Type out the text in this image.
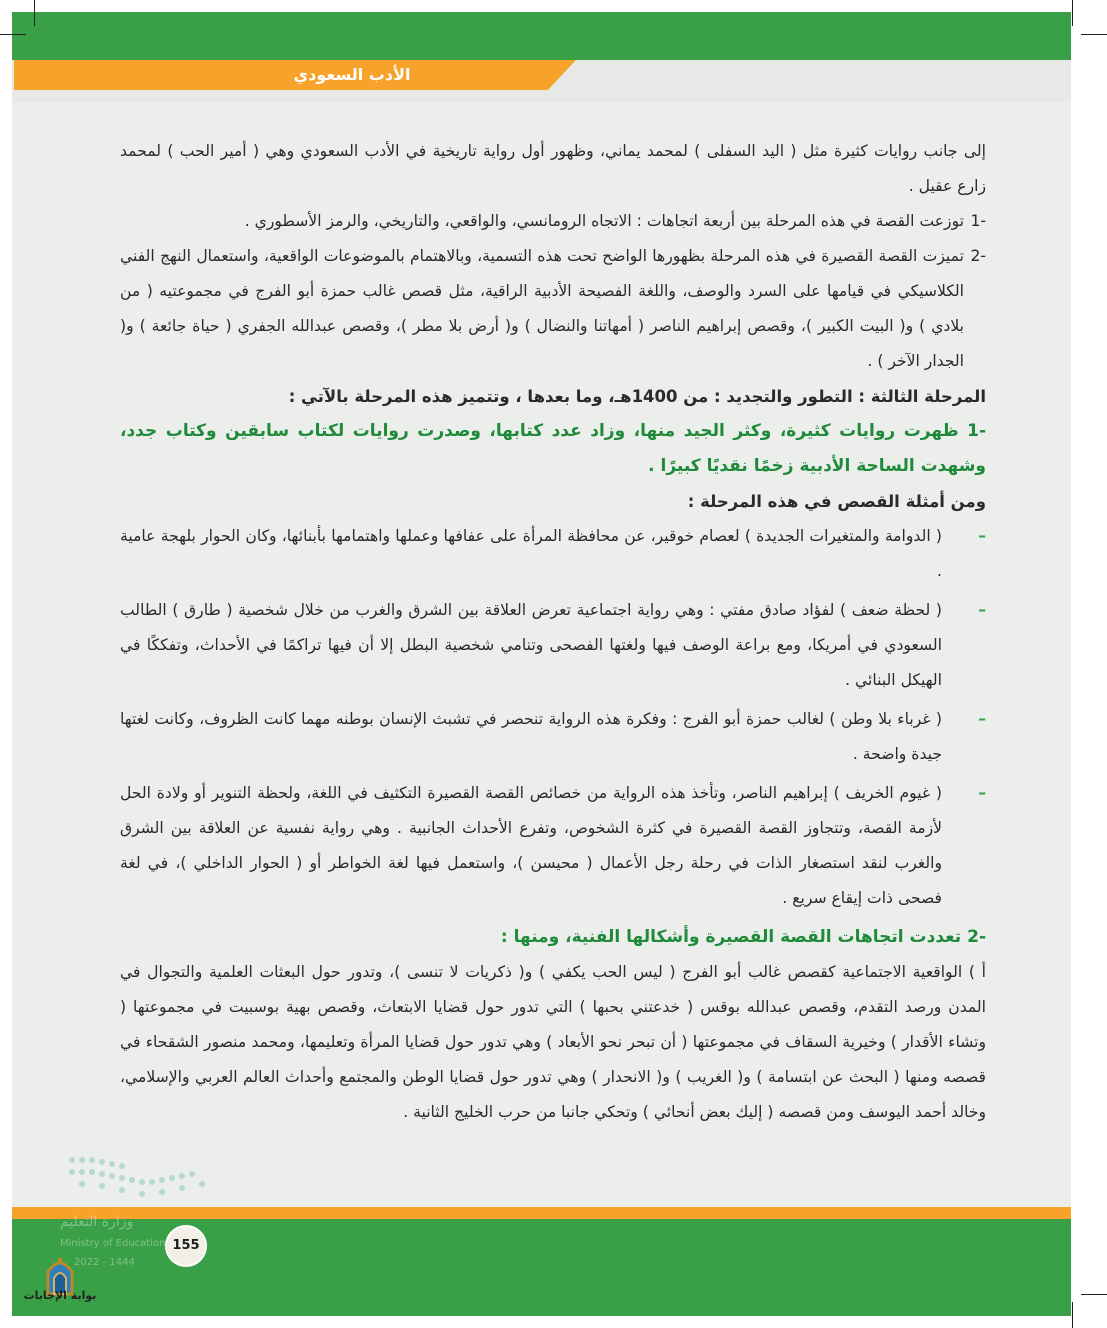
الأدب السعودي

إلى جانب روايات كثيرة مثل ( اليد السفلى ) لمحمد يماني، وظهور أول رواية تاريخية في الأدب السعودي وهي ( أمير الحب ) لمحمد زارع عقيل .

-1
توزعت القصة في هذه المرحلة بين أربعة اتجاهات : الاتجاه الرومانسي، والواقعي، والتاريخي، والرمز الأسطوري .
-2
تميزت القصة القصيرة في هذه المرحلة بظهورها الواضح تحت هذه التسمية، وبالاهتمام بالموضوعات الواقعية، واستعمال النهج الفني الكلاسيكي في قيامها على السرد والوصف، واللغة الفصيحة الأدبية الراقية، مثل قصص غالب حمزة أبو الفرج في مجموعتيه ( من بلادي ) و( البيت الكبير )، وقصص إبراهيم الناصر ( أمهاتنا والنضال ) و( أرض بلا مطر )، وقصص عبدالله الجفري ( حياة جائعة ) و( الجدار الآخر ) .

المرحلة الثالثة : التطور والتجديد : من 1400هـ، وما بعدها ، وتتميز هذه المرحلة بالآتي :

-1 ظهرت روايات كثيرة، وكثر الجيد منها، وزاد عدد كتابها، وصدرت روايات لكتاب سابقين وكتاب جدد، وشهدت الساحة الأدبية زخمًا نقديًا كبيرًا .

ومن أمثلة القصص في هذه المرحلة :

–
( الدوامة والمتغيرات الجديدة ) لعصام خوقير، عن محافظة المرأة على عفافها وعملها واهتمامها بأبنائها، وكان الحوار بلهجة عامية .
–
( لحظة ضعف ) لفؤاد صادق مفتي : وهي رواية اجتماعية تعرض العلاقة بين الشرق والغرب من خلال شخصية ( طارق ) الطالب السعودي في أمريكا، ومع براعة الوصف فيها ولغتها الفصحى وتنامي شخصية البطل إلا أن فيها تراكمًا في الأحداث، وتفككًا في الهيكل البنائي .
–
( غرباء بلا وطن ) لغالب حمزة أبو الفرج : وفكرة هذه الرواية تنحصر في تشبث الإنسان بوطنه مهما كانت الظروف، وكانت لغتها جيدة واضحة .
–
( غيوم الخريف ) إبراهيم الناصر، وتأخذ هذه الرواية من خصائص القصة القصيرة التكثيف في اللغة، ولحظة التنوير أو ولادة الحل لأزمة القصة، وتتجاوز القصة القصيرة في كثرة الشخوص، وتفرع الأحداث الجانبية . وهي رواية نفسية عن العلاقة بين الشرق والغرب لنقد استصغار الذات في رحلة رجل الأعمال ( محيسن )، واستعمل فيها لغة الخواطر أو ( الحوار الداخلي )، في لغة فصحى ذات إيقاع سريع .

-2 تعددت اتجاهات القصة القصيرة وأشكالها الفنية، ومنها :

أ ) الواقعية الاجتماعية كقصص غالب أبو الفرج ( ليس الحب يكفي ) و( ذكريات لا تنسى )، وتدور حول البعثات العلمية والتجوال في المدن ورصد التقدم، وقصص عبدالله بوقس ( خدعتني بحبها ) التي تدور حول قضايا الابتعاث، وقصص بهية بوسبيت في مجموعتها ( وتشاء الأقدار ) وخيرية السقاف في مجموعتها ( أن تبحر نحو الأبعاد ) وهي تدور حول قضايا المرأة وتعليمها، ومحمد منصور الشقحاء في قصصه ومنها ( البحث عن ابتسامة ) و( الغريب ) و( الانحدار ) وهي تدور حول قضايا الوطن والمجتمع وأحداث العالم العربي والإسلامي، وخالد أحمد اليوسف ومن قصصه ( إليك بعض أنحائي ) وتحكي جانبا من حرب الخليج الثانية .

وزارة التعليم
Ministry of Education
2022 - 1444
155
بوابة الإجابات
